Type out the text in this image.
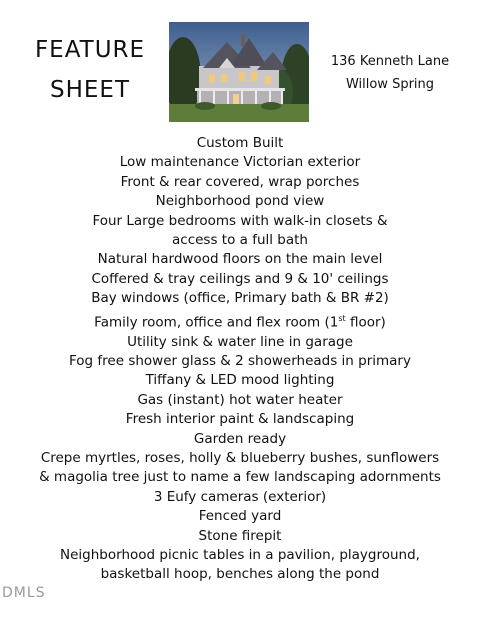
FEATURE
SHEET
136 Kenneth Lane
Willow Spring
Custom Built
Low maintenance Victorian exterior
Front & rear covered, wrap porches
Neighborhood pond view
Four Large bedrooms with walk-in closets &
access to a full bath
Natural hardwood floors on the main level
Coffered & tray ceilings and 9 & 10' ceilings
Bay windows (office, Primary bath & BR #2)
Family room, office and flex room (1st floor)
Utility sink & water line in garage
Fog free shower glass & 2 showerheads in primary
Tiffany & LED mood lighting
Gas (instant) hot water heater
Fresh interior paint & landscaping
Garden ready
Crepe myrtles, roses, holly & blueberry bushes, sunflowers
& magolia tree just to name a few landscaping adornments
3 Eufy cameras (exterior)
Fenced yard
Stone firepit
Neighborhood picnic tables in a pavilion, playground,
basketball hoop, benches along the pond
DMLS
